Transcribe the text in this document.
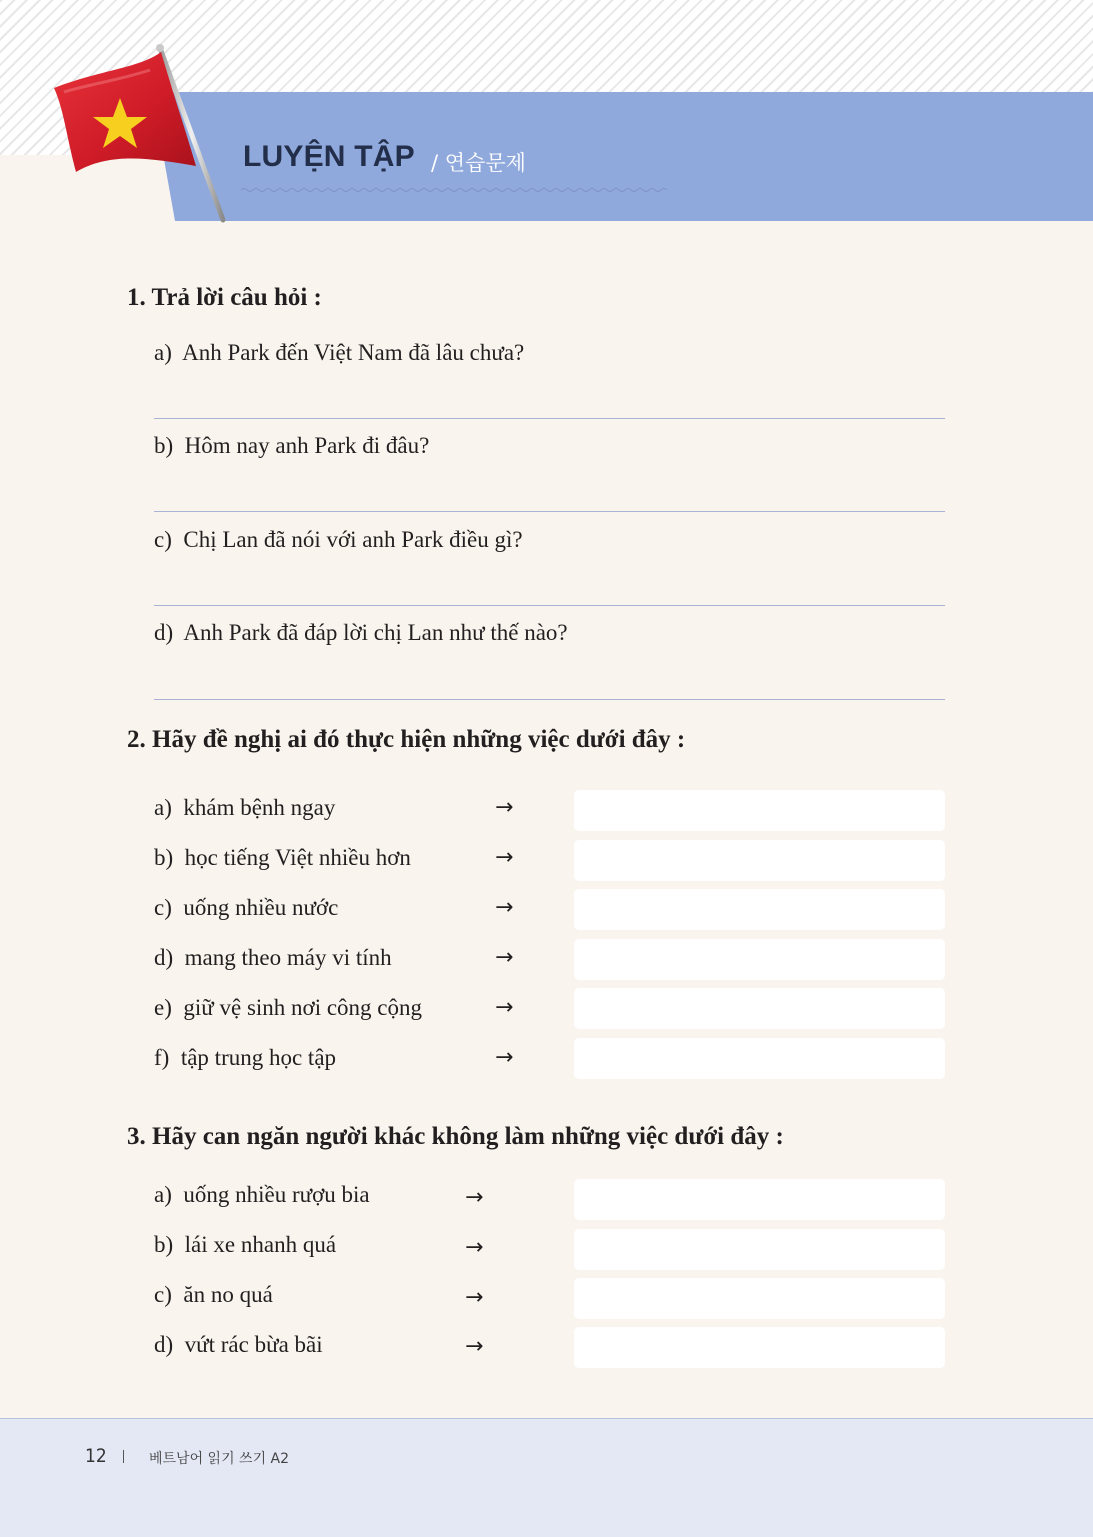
LUYỆN TẬP / 연습문제
1. Trả lời câu hỏi :
a) Anh Park đến Việt Nam đã lâu chưa?
b) Hôm nay anh Park đi đâu?
c) Chị Lan đã nói với anh Park điều gì?
d) Anh Park đã đáp lời chị Lan như thế nào?
2. Hãy đề nghị ai đó thực hiện những việc dưới đây :
a) khám bệnh ngay	→
b) học tiếng Việt nhiều hơn	→
c) uống nhiều nước	→
d) mang theo máy vi tính	→
e) giữ vệ sinh nơi công cộng	→
f) tập trung học tập	→
3. Hãy can ngăn người khác không làm những việc dưới đây :
a) uống nhiều rượu bia	→
b) lái xe nhanh quá	→
c) ăn no quá	→
d) vứt rác bừa bãi	→
12	베트남어 읽기 쓰기 A2
